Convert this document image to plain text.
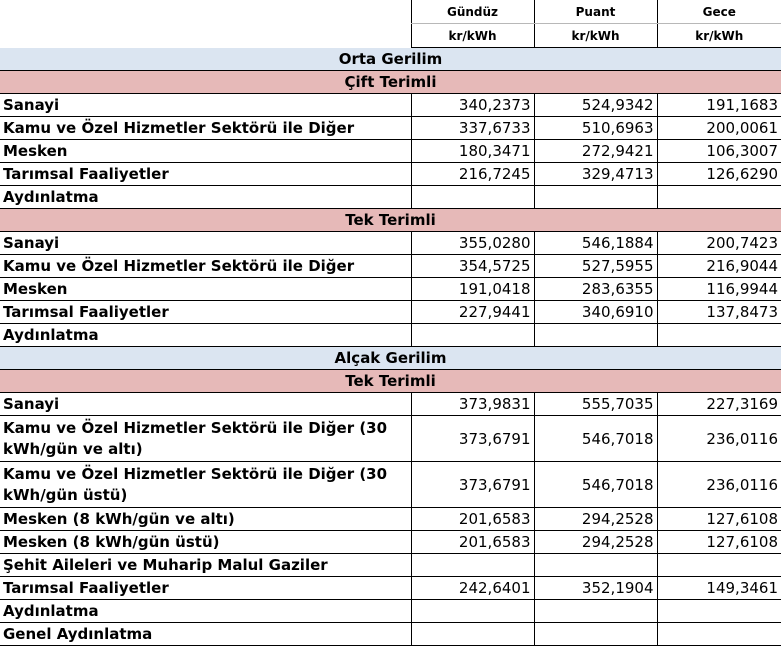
	Gündüz	Puant	Gece
	kr/kWh	kr/kWh	kr/kWh
Orta Gerilim			
Çift Terimli			
Sanayi	340,2373	524,9342	191,1683
Kamu ve Özel Hizmetler Sektörü ile Diğer	337,6733	510,6963	200,0061
Mesken	180,3471	272,9421	106,3007
Tarımsal Faaliyetler	216,7245	329,4713	126,6290
Aydınlatma			
Tek Terimli			
Sanayi	355,0280	546,1884	200,7423
Kamu ve Özel Hizmetler Sektörü ile Diğer	354,5725	527,5955	216,9044
Mesken	191,0418	283,6355	116,9944
Tarımsal Faaliyetler	227,9441	340,6910	137,8473
Aydınlatma			
Alçak Gerilim			
Tek Terimli			
Sanayi	373,9831	555,7035	227,3169
Kamu ve Özel Hizmetler Sektörü ile Diğer (30 kWh/gün ve altı)	373,6791	546,7018	236,0116
Kamu ve Özel Hizmetler Sektörü ile Diğer (30 kWh/gün üstü)	373,6791	546,7018	236,0116
Mesken (8 kWh/gün ve altı)	201,6583	294,2528	127,6108
Mesken (8 kWh/gün üstü)	201,6583	294,2528	127,6108
Şehit Aileleri ve Muharip Malul Gaziler			
Tarımsal Faaliyetler	242,6401	352,1904	149,3461
Aydınlatma			
Genel Aydınlatma			
